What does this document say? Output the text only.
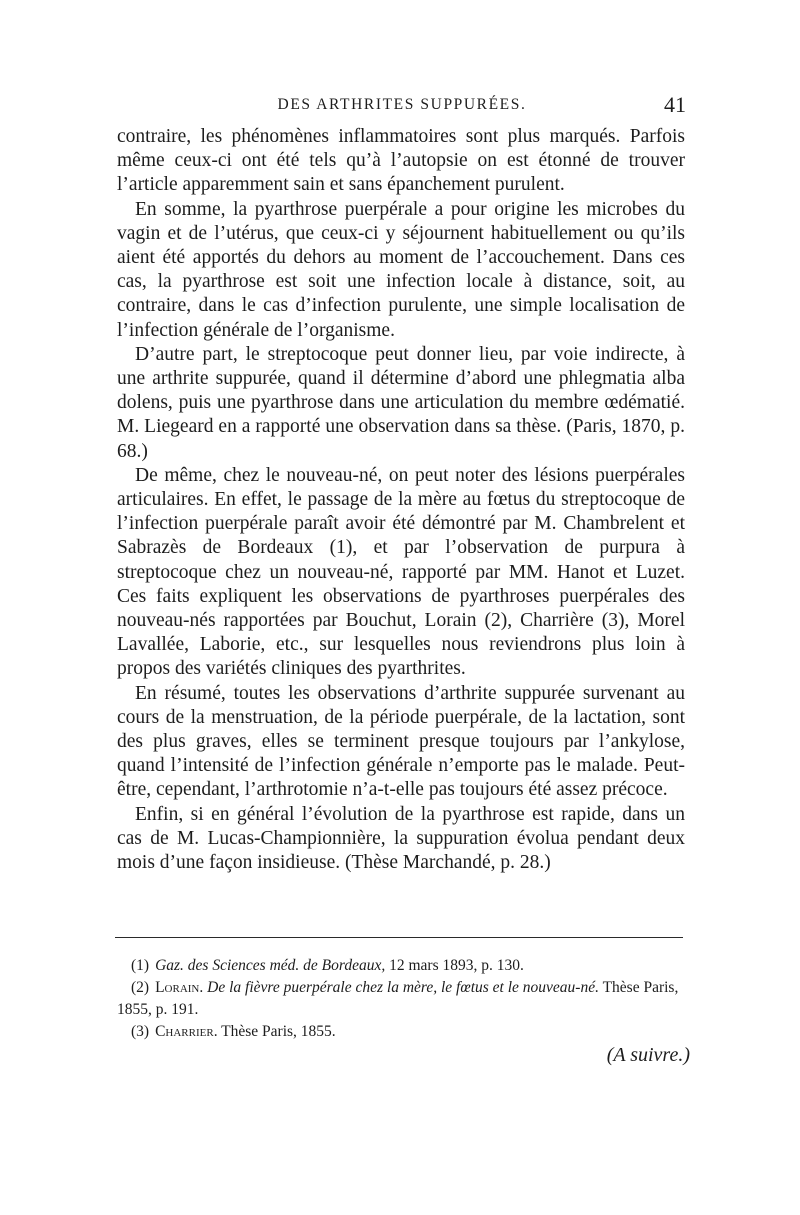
DES ARTHRITES SUPPURÉES.	41

contraire, les phénomènes inflammatoires sont plus marqués. Parfois même ceux-ci ont été tels qu’à l’autopsie on est étonné de trouver l’article apparemment sain et sans épanchement purulent.

En somme, la pyarthrose puerpérale a pour origine les microbes du vagin et de l’utérus, que ceux-ci y séjournent habituellement ou qu’ils aient été apportés du dehors au moment de l’accouchement. Dans ces cas, la pyarthrose est soit une infection locale à distance, soit, au contraire, dans le cas d’infection purulente, une simple localisation de l’infection générale de l’organisme.

D’autre part, le streptocoque peut donner lieu, par voie indirecte, à une arthrite suppurée, quand il détermine d’abord une phlegmatia alba dolens, puis une pyarthrose dans une articulation du membre œdématié. M. Liegeard en a rapporté une observation dans sa thèse. (Paris, 1870, p. 68.)

De même, chez le nouveau-né, on peut noter des lésions puerpérales articulaires. En effet, le passage de la mère au fœtus du streptocoque de l’infection puerpérale paraît avoir été démontré par M. Chambrelent et Sabrazès de Bordeaux (1), et par l’observation de purpura à streptocoque chez un nouveau-né, rapporté par MM. Hanot et Luzet. Ces faits expliquent les observations de pyarthroses puerpérales des nouveau-nés rapportées par Bouchut, Lorain (2), Charrière (3), Morel Lavallée, Laborie, etc., sur lesquelles nous reviendrons plus loin à propos des variétés cliniques des pyarthrites.

En résumé, toutes les observations d’arthrite suppurée survenant au cours de la menstruation, de la période puerpérale, de la lactation, sont des plus graves, elles se terminent presque toujours par l’ankylose, quand l’intensité de l’infection générale n’emporte pas le malade. Peut-être, cependant, l’arthrotomie n’a-t-elle pas toujours été assez précoce.

Enfin, si en général l’évolution de la pyarthrose est rapide, dans un cas de M. Lucas-Championnière, la suppuration évolua pendant deux mois d’une façon insidieuse. (Thèse Marchandé, p. 28.)

(1) Gaz. des Sciences méd. de Bordeaux, 12 mars 1893, p. 130.

(2) Lorain. De la fièvre puerpérale chez la mère, le fœtus et le nouveau-né. Thèse Paris, 1855, p. 191.

(3) Charrier. Thèse Paris, 1855.

(A suivre.)
